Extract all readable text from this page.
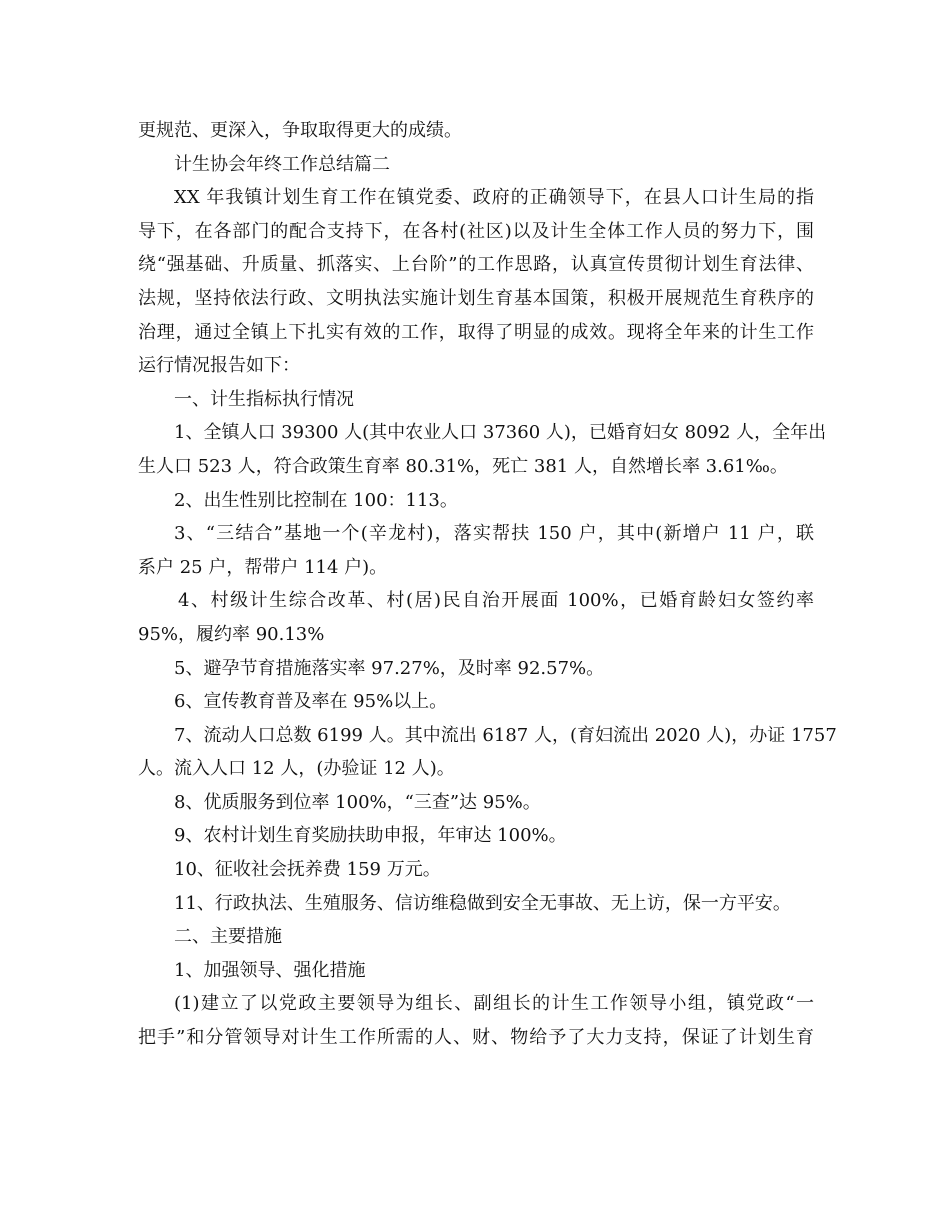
更规范、更深入，争取取得更大的成绩。
计生协会年终工作总结篇二
XX 年我镇计划生育工作在镇党委、政府的正确领导下，在县人口计生局的指
导下，在各部门的配合支持下，在各村(社区)以及计生全体工作人员的努力下，围
绕“强基础、升质量、抓落实、上台阶”的工作思路，认真宣传贯彻计划生育法律、
法规，坚持依法行政、文明执法实施计划生育基本国策，积极开展规范生育秩序的
治理，通过全镇上下扎实有效的工作，取得了明显的成效。现将全年来的计生工作
运行情况报告如下：
一、计生指标执行情况
1、全镇人口 39300 人(其中农业人口 37360 人)，已婚育妇女 8092 人，全年出
生人口 523 人，符合政策生育率 80.31%，死亡 381 人，自然增长率 3.61‰。
2、出生性别比控制在 100：113。
3、“三结合”基地一个(辛龙村)，落实帮扶 150 户，其中(新增户 11 户，联
系户 25 户，帮带户 114 户)。
4、村级计生综合改革、村(居)民自治开展面 100%，已婚育龄妇女签约率
95%，履约率 90.13%
5、避孕节育措施落实率 97.27%，及时率 92.57%。
6、宣传教育普及率在 95%以上。
7、流动人口总数 6199 人。其中流出 6187 人，(育妇流出 2020 人)，办证 1757
人。流入人口 12 人，(办验证 12 人)。
8、优质服务到位率 100%，“三查”达 95%。
9、农村计划生育奖励扶助申报，年审达 100%。
10、征收社会抚养费 159 万元。
11、行政执法、生殖服务、信访维稳做到安全无事故、无上访，保一方平安。
二、主要措施
1、加强领导、强化措施
(1)建立了以党政主要领导为组长、副组长的计生工作领导小组，镇党政“一
把手”和分管领导对计生工作所需的人、财、物给予了大力支持，保证了计划生育
